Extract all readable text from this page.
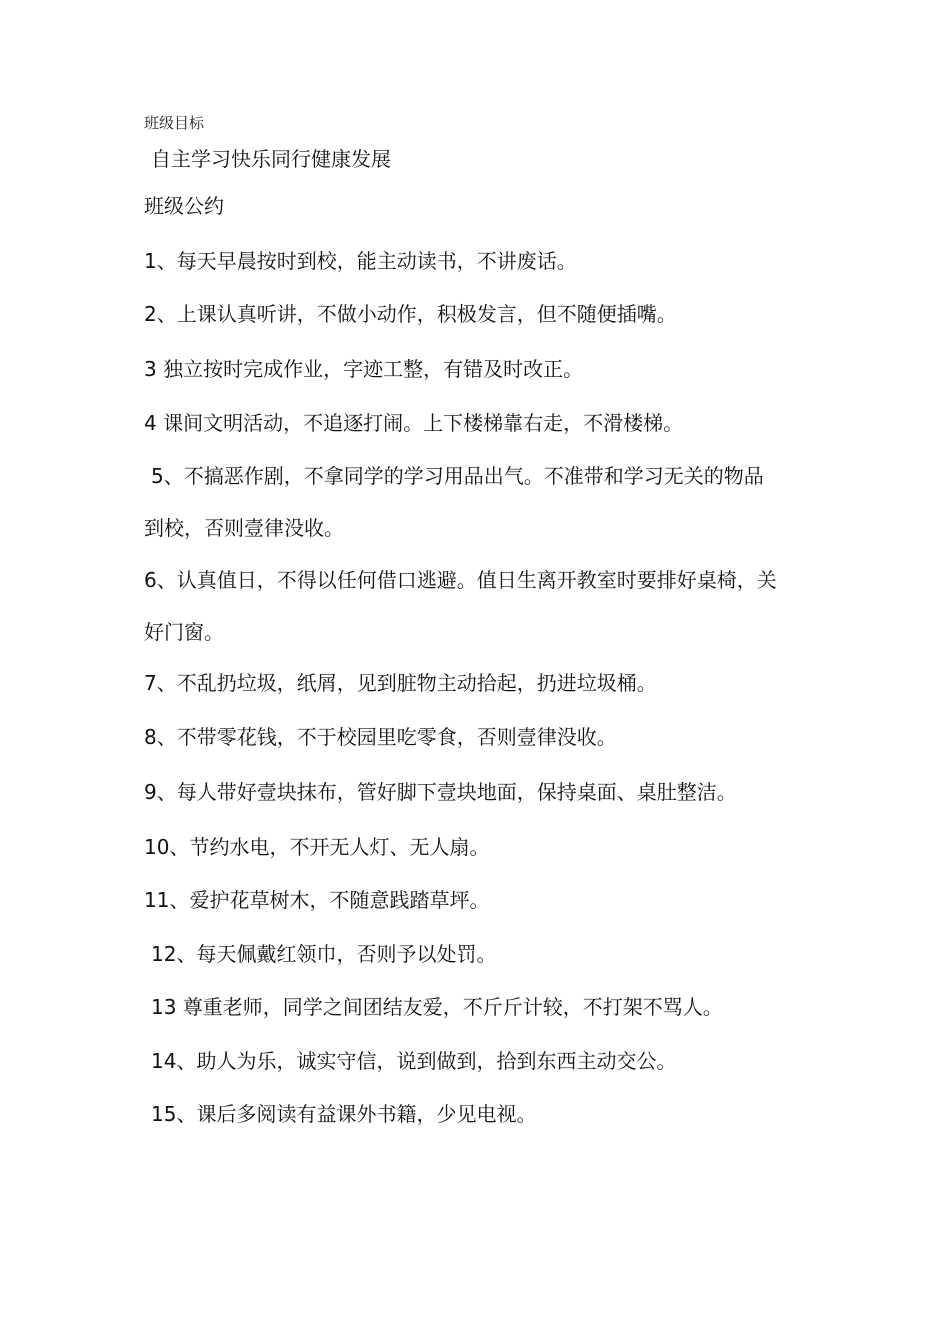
班级目标
自主学习快乐同行健康发展
班级公约
1、每天早晨按时到校，能主动读书，不讲废话。
2、上课认真听讲，不做小动作，积极发言，但不随便插嘴。
3 独立按时完成作业，字迹工整，有错及时改正。
4 课间文明活动，不追逐打闹。上下楼梯靠右走，不滑楼梯。
5、不搞恶作剧，不拿同学的学习用品出气。不准带和学习无关的物品
到校，否则壹律没收。
6、认真值日，不得以任何借口逃避。值日生离开教室时要排好桌椅，关
好门窗。
7、不乱扔垃圾，纸屑，见到脏物主动拾起，扔进垃圾桶。
8、不带零花钱，不于校园里吃零食，否则壹律没收。
9、每人带好壹块抹布，管好脚下壹块地面，保持桌面、桌肚整洁。
10、节约水电，不开无人灯、无人扇。
11、爱护花草树木，不随意践踏草坪。
12、每天佩戴红领巾，否则予以处罚。
13 尊重老师，同学之间团结友爱，不斤斤计较，不打架不骂人。
14、助人为乐，诚实守信，说到做到，拾到东西主动交公。
15、课后多阅读有益课外书籍，少见电视。
